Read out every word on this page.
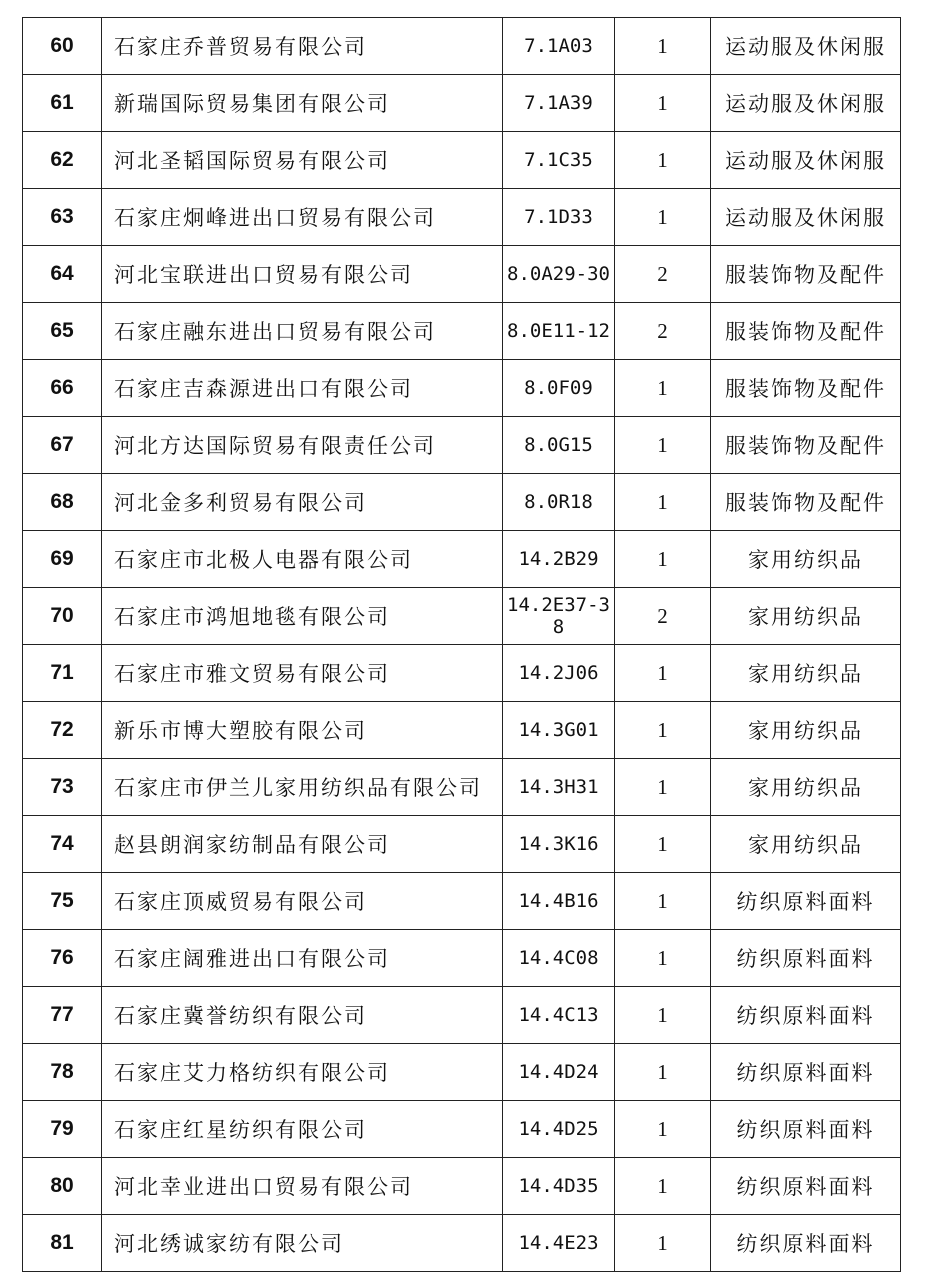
60	石家庄乔普贸易有限公司	7.1A03	1	运动服及休闲服
61	新瑞国际贸易集团有限公司	7.1A39	1	运动服及休闲服
62	河北圣韬国际贸易有限公司	7.1C35	1	运动服及休闲服
63	石家庄炯峰进出口贸易有限公司	7.1D33	1	运动服及休闲服
64	河北宝联进出口贸易有限公司	8.0A29-30	2	服装饰物及配件
65	石家庄融东进出口贸易有限公司	8.0E11-12	2	服装饰物及配件
66	石家庄吉森源进出口有限公司	8.0F09	1	服装饰物及配件
67	河北方达国际贸易有限责任公司	8.0G15	1	服装饰物及配件
68	河北金多利贸易有限公司	8.0R18	1	服装饰物及配件
69	石家庄市北极人电器有限公司	14.2B29	1	家用纺织品
70	石家庄市鸿旭地毯有限公司	14.2E37-38	2	家用纺织品
71	石家庄市雅文贸易有限公司	14.2J06	1	家用纺织品
72	新乐市博大塑胶有限公司	14.3G01	1	家用纺织品
73	石家庄市伊兰儿家用纺织品有限公司	14.3H31	1	家用纺织品
74	赵县朗润家纺制品有限公司	14.3K16	1	家用纺织品
75	石家庄顶威贸易有限公司	14.4B16	1	纺织原料面料
76	石家庄阔雅进出口有限公司	14.4C08	1	纺织原料面料
77	石家庄冀誉纺织有限公司	14.4C13	1	纺织原料面料
78	石家庄艾力格纺织有限公司	14.4D24	1	纺织原料面料
79	石家庄红星纺织有限公司	14.4D25	1	纺织原料面料
80	河北幸业进出口贸易有限公司	14.4D35	1	纺织原料面料
81	河北绣诚家纺有限公司	14.4E23	1	纺织原料面料
